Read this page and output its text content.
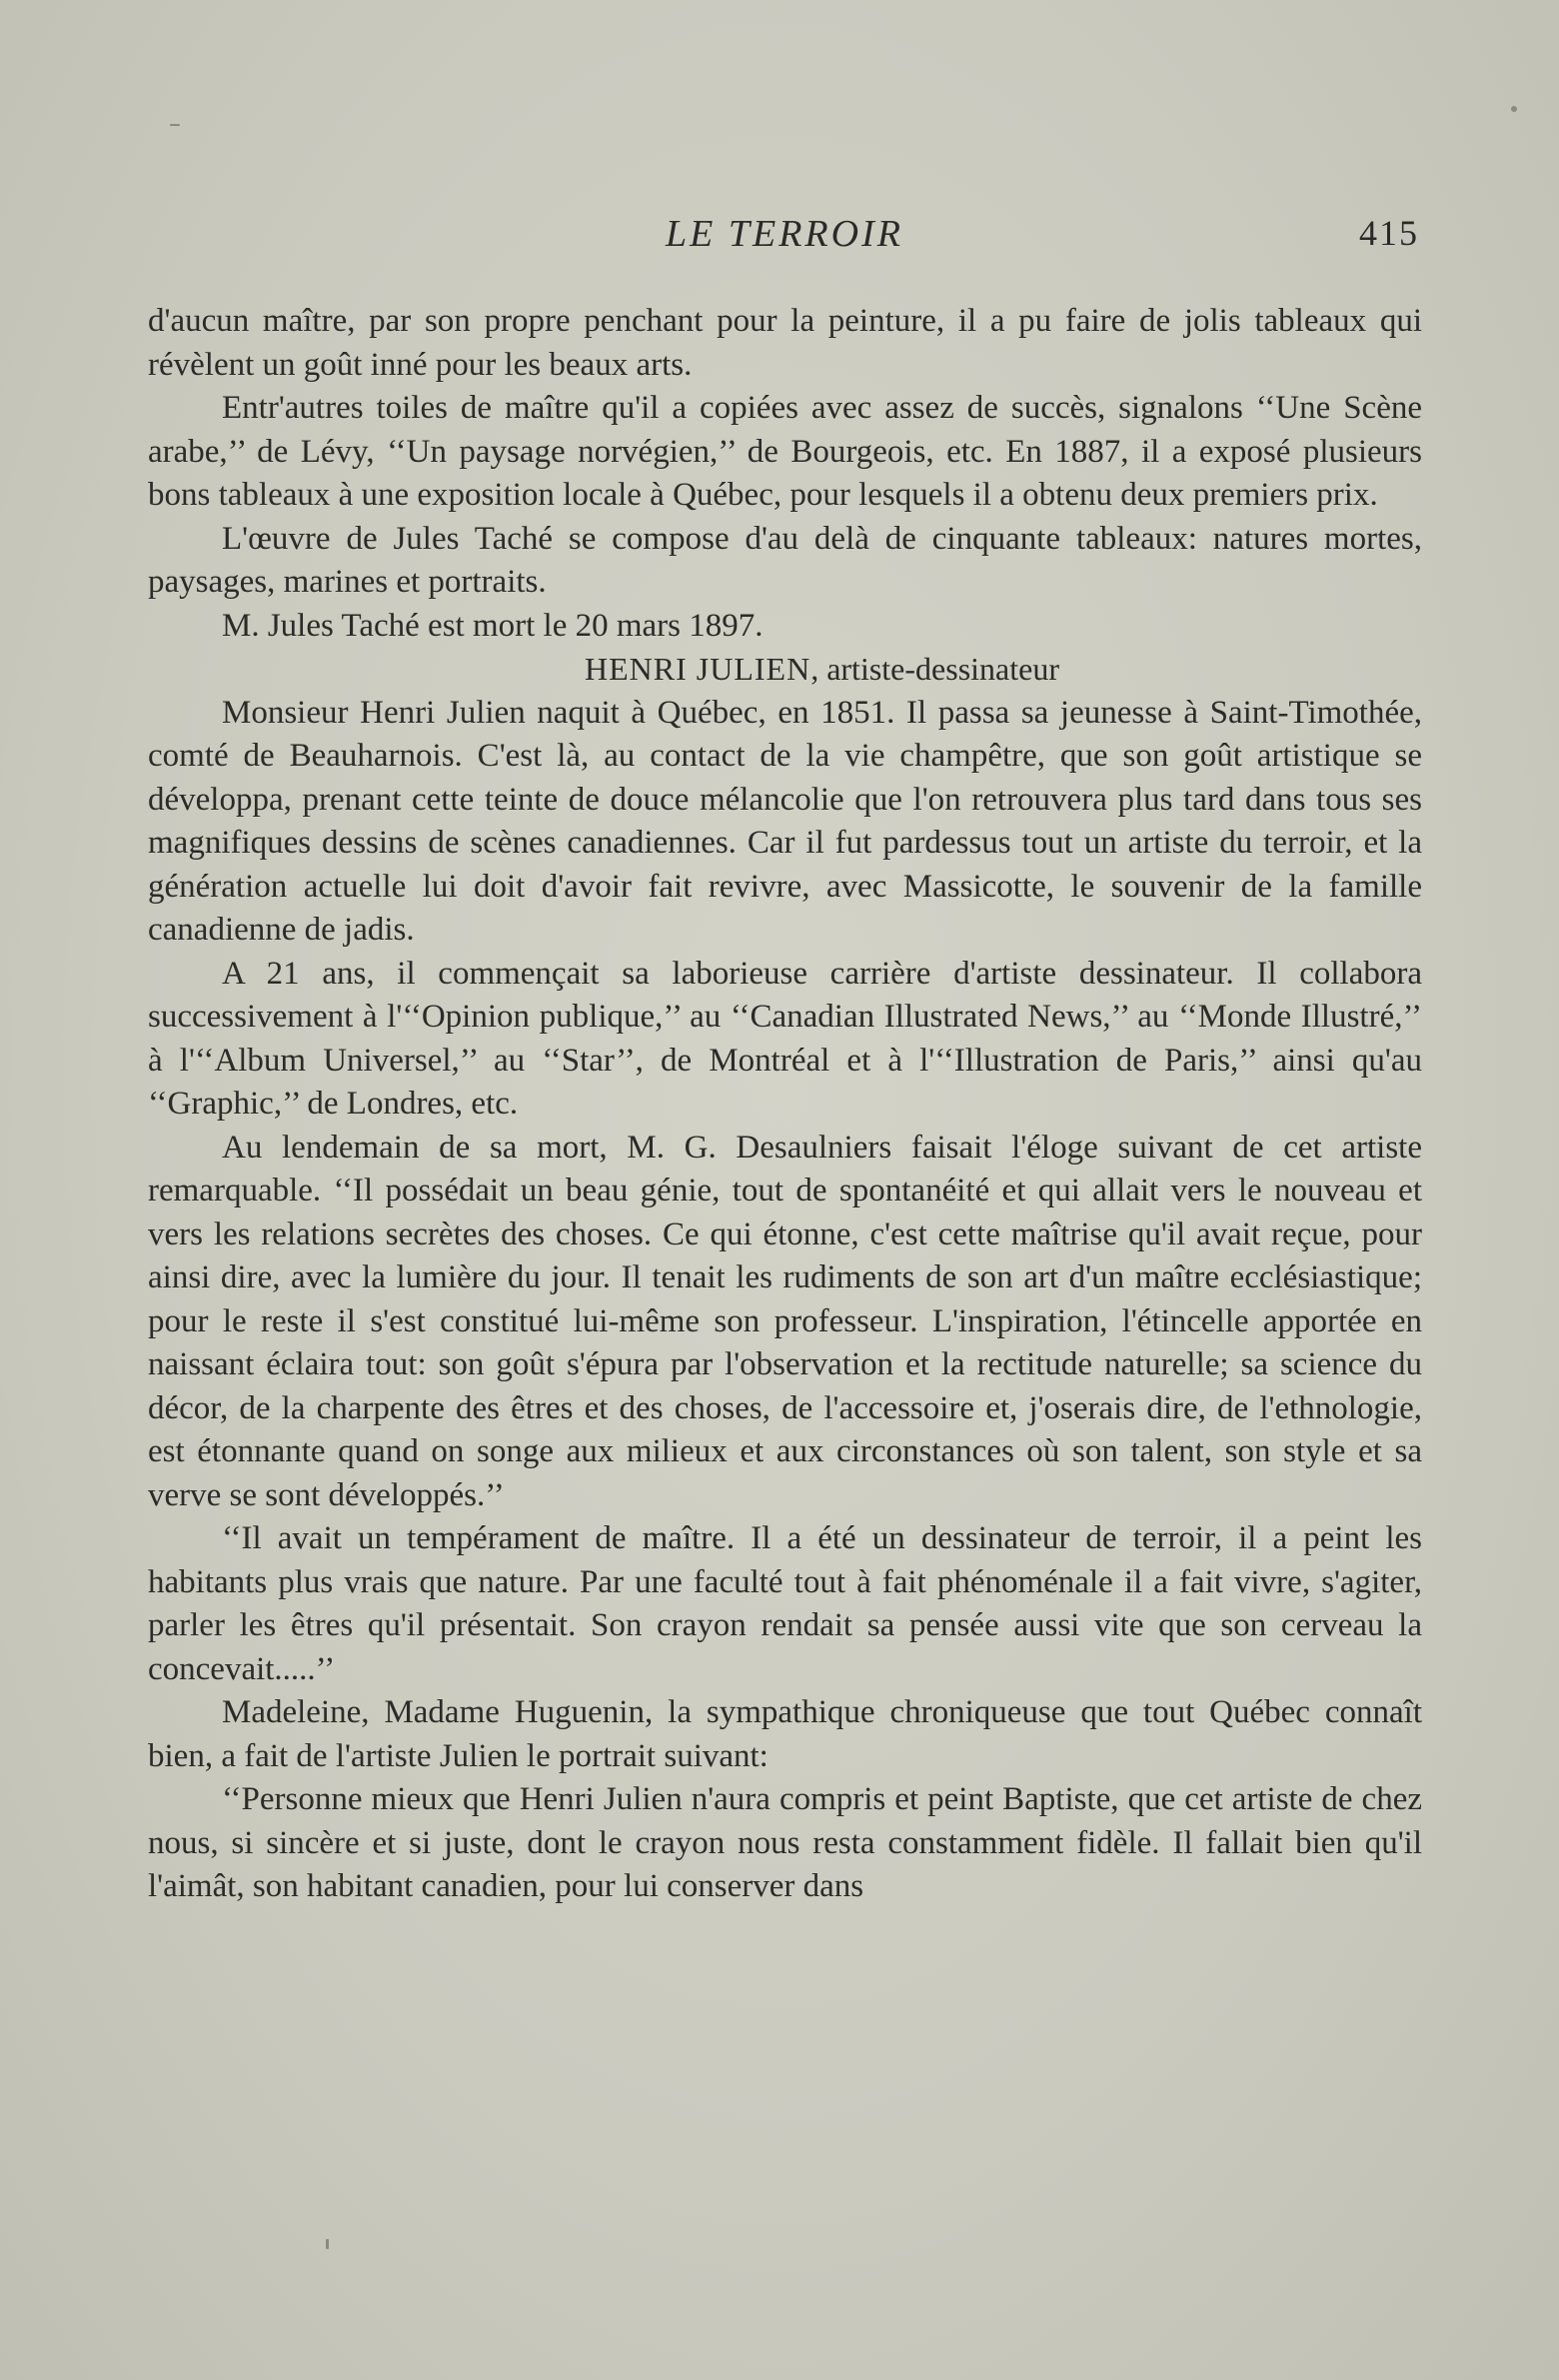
LE TERROIR	415

d'aucun maître, par son propre penchant pour la peinture, il a pu faire de jolis tableaux qui révèlent un goût inné pour les beaux arts.

Entr'autres toiles de maître qu'il a copiées avec assez de succès, signalons ‘‘Une Scène arabe,’’ de Lévy, ‘‘Un paysage norvégien,’’ de Bourgeois, etc. En 1887, il a exposé plusieurs bons tableaux à une exposition locale à Québec, pour lesquels il a obtenu deux premiers prix.

L'œuvre de Jules Taché se compose d'au delà de cinquante tableaux: natures mortes, paysages, marines et portraits.

M. Jules Taché est mort le 20 mars 1897.

HENRI JULIEN, artiste-dessinateur

Monsieur Henri Julien naquit à Québec, en 1851. Il passa sa jeunesse à Saint-Timothée, comté de Beauharnois. C'est là, au contact de la vie champêtre, que son goût artistique se développa, prenant cette teinte de douce mélancolie que l'on retrouvera plus tard dans tous ses magnifiques dessins de scènes canadiennes. Car il fut pardessus tout un artiste du terroir, et la génération actuelle lui doit d'avoir fait revivre, avec Massicotte, le souvenir de la famille canadienne de jadis.

A 21 ans, il commençait sa laborieuse carrière d'artiste dessinateur. Il collabora successivement à l'‘‘Opinion publique,’’ au ‘‘Canadian Illustrated News,’’ au ‘‘Monde Illustré,’’ à l'‘‘Album Universel,’’ au ‘‘Star’’, de Montréal et à l'‘‘Illustration de Paris,’’ ainsi qu'au ‘‘Graphic,’’ de Londres, etc.

Au lendemain de sa mort, M. G. Desaulniers faisait l'éloge suivant de cet artiste remarquable. ‘‘Il possédait un beau génie, tout de spontanéité et qui allait vers le nouveau et vers les relations secrètes des choses. Ce qui étonne, c'est cette maîtrise qu'il avait reçue, pour ainsi dire, avec la lumière du jour. Il tenait les rudiments de son art d'un maître ecclésiastique; pour le reste il s'est constitué lui-même son professeur. L'inspiration, l'étincelle apportée en naissant éclaira tout: son goût s'épura par l'observation et la rectitude naturelle; sa science du décor, de la charpente des êtres et des choses, de l'accessoire et, j'oserais dire, de l'ethnologie, est étonnante quand on songe aux milieux et aux circonstances où son talent, son style et sa verve se sont développés.’’

‘‘Il avait un tempérament de maître. Il a été un dessinateur de terroir, il a peint les habitants plus vrais que nature. Par une faculté tout à fait phénoménale il a fait vivre, s'agiter, parler les êtres qu'il présentait. Son crayon rendait sa pensée aussi vite que son cerveau la concevait.....’’

Madeleine, Madame Huguenin, la sympathique chroniqueuse que tout Québec connaît bien, a fait de l'artiste Julien le portrait suivant:

‘‘Personne mieux que Henri Julien n'aura compris et peint Baptiste, que cet artiste de chez nous, si sincère et si juste, dont le crayon nous resta constamment fidèle. Il fallait bien qu'il l'aimât, son habitant canadien, pour lui conserver dans
